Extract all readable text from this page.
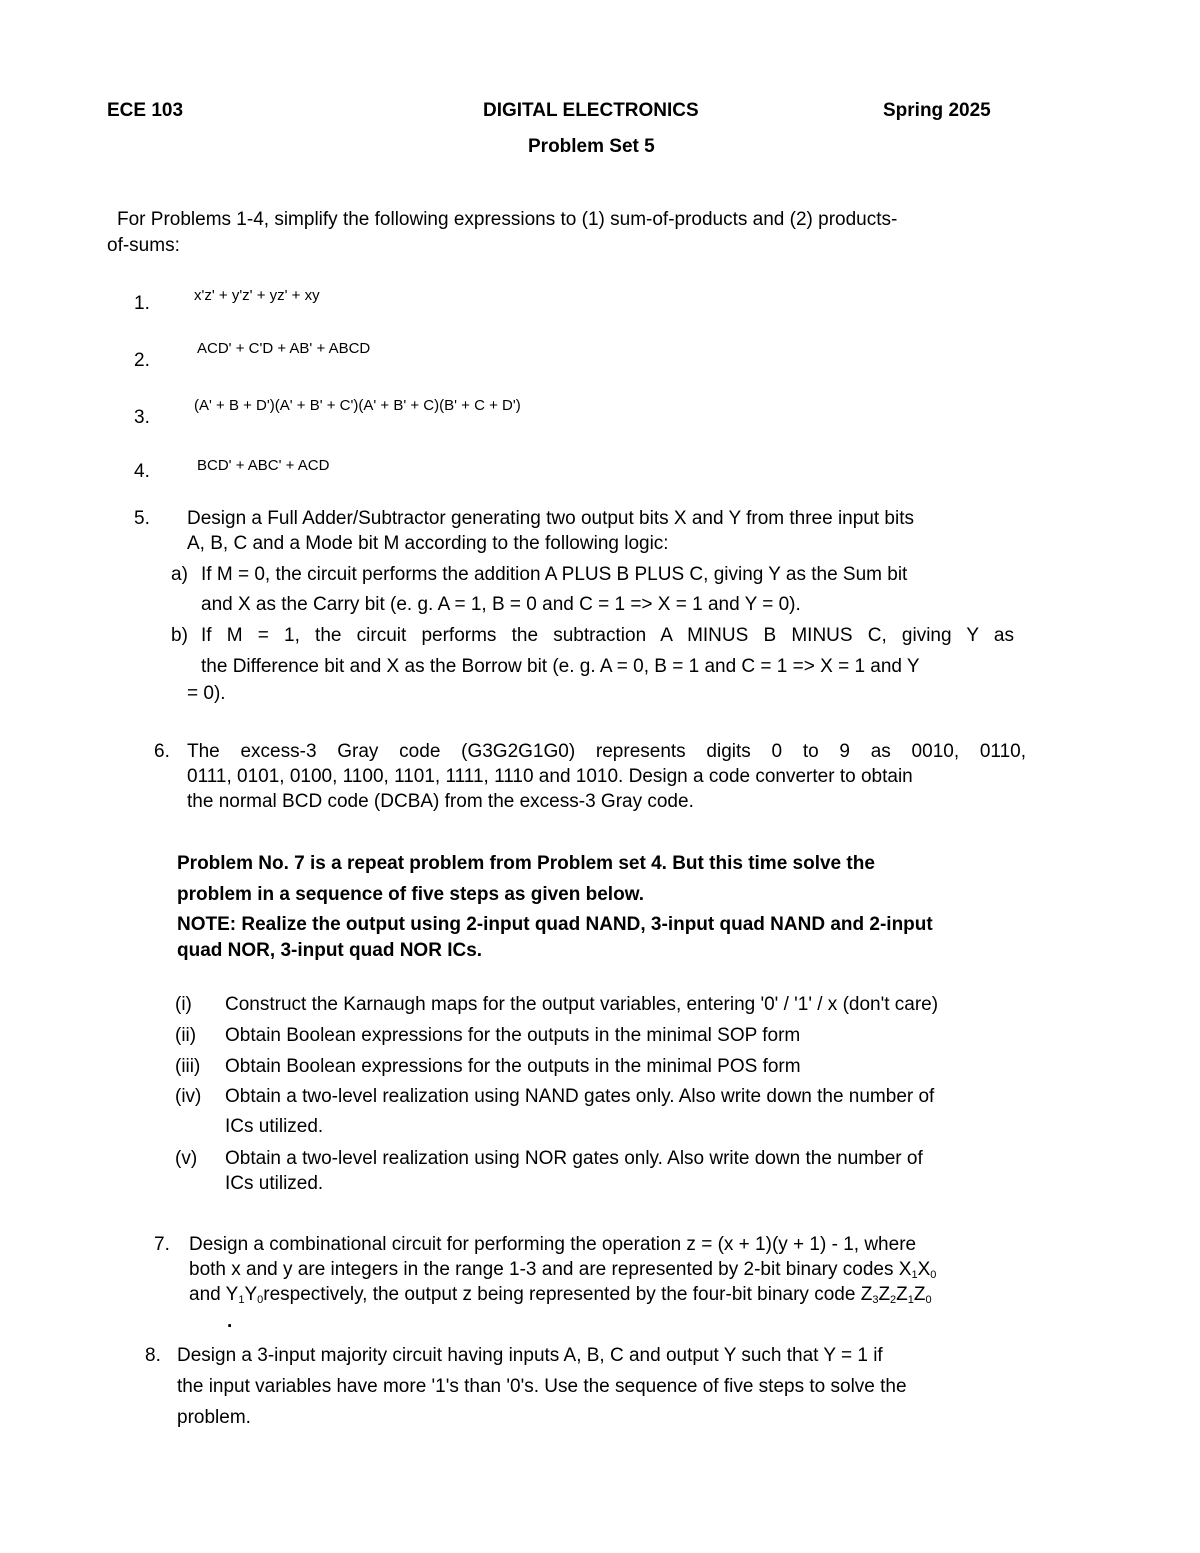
ECE 103	DIGITAL ELECTRONICS	Spring 2025
Problem Set 5
For Problems 1-4, simplify the following expressions to (1) sum-of-products and (2) products-
of-sums:
1.	x'z' + y'z' + yz' + xy
2.
ACD' + C'D + AB' + ABCD
3.
(A' + B + D')(A' + B' + C')(A' + B' + C)(B' + C + D')
4.	BCD' + ABC' + ACD
5. Design a Full Adder/Subtractor generating two output bits X and Y from three input bits
A, B, C and a Mode bit M according to the following logic:
a) If M = 0, the circuit performs the addition A PLUS B PLUS C, giving Y as the Sum bit
and X as the Carry bit (e. g. A = 1, B = 0 and C = 1 => X = 1 and Y = 0).
b) If M = 1, the circuit performs the subtraction A MINUS B MINUS C, giving Y as
the Difference bit and X as the Borrow bit (e. g. A = 0, B = 1 and C = 1 => X = 1 and Y
= 0).
6. The excess-3 Gray code (G3G2G1G0) represents digits 0 to 9 as 0010, 0110,
0111, 0101, 0100, 1100, 1101, 1111, 1110 and 1010. Design a code converter to obtain
the normal BCD code (DCBA) from the excess-3 Gray code.
Problem No. 7 is a repeat problem from Problem set 4. But this time solve the
problem in a sequence of five steps as given below.
NOTE: Realize the output using 2-input quad NAND, 3-input quad NAND and 2-input
quad NOR, 3-input quad NOR ICs.
(i) Construct the Karnaugh maps for the output variables, entering '0' / '1' / x (don't care)
(ii) Obtain Boolean expressions for the outputs in the minimal SOP form
(iii) Obtain Boolean expressions for the outputs in the minimal POS form
(iv) Obtain a two-level realization using NAND gates only. Also write down the number of
ICs utilized.
(v) Obtain a two-level realization using NOR gates only. Also write down the number of
ICs utilized.
7. Design a combinational circuit for performing the operation z = (x + 1)(y + 1) - 1, where
both x and y are integers in the range 1-3 and are represented by 2-bit binary codes $X_1X_0$
and $Y_1Y_0respectively$, the output z being represented by the four-bit binary code $Z_3Z_2Z_1Z_0$
.
8. Design a 3-input majority circuit having inputs A, B, C and output Y such that Y = 1 if
the input variables have more '1's than '0's. Use the sequence of five steps to solve the
problem.
